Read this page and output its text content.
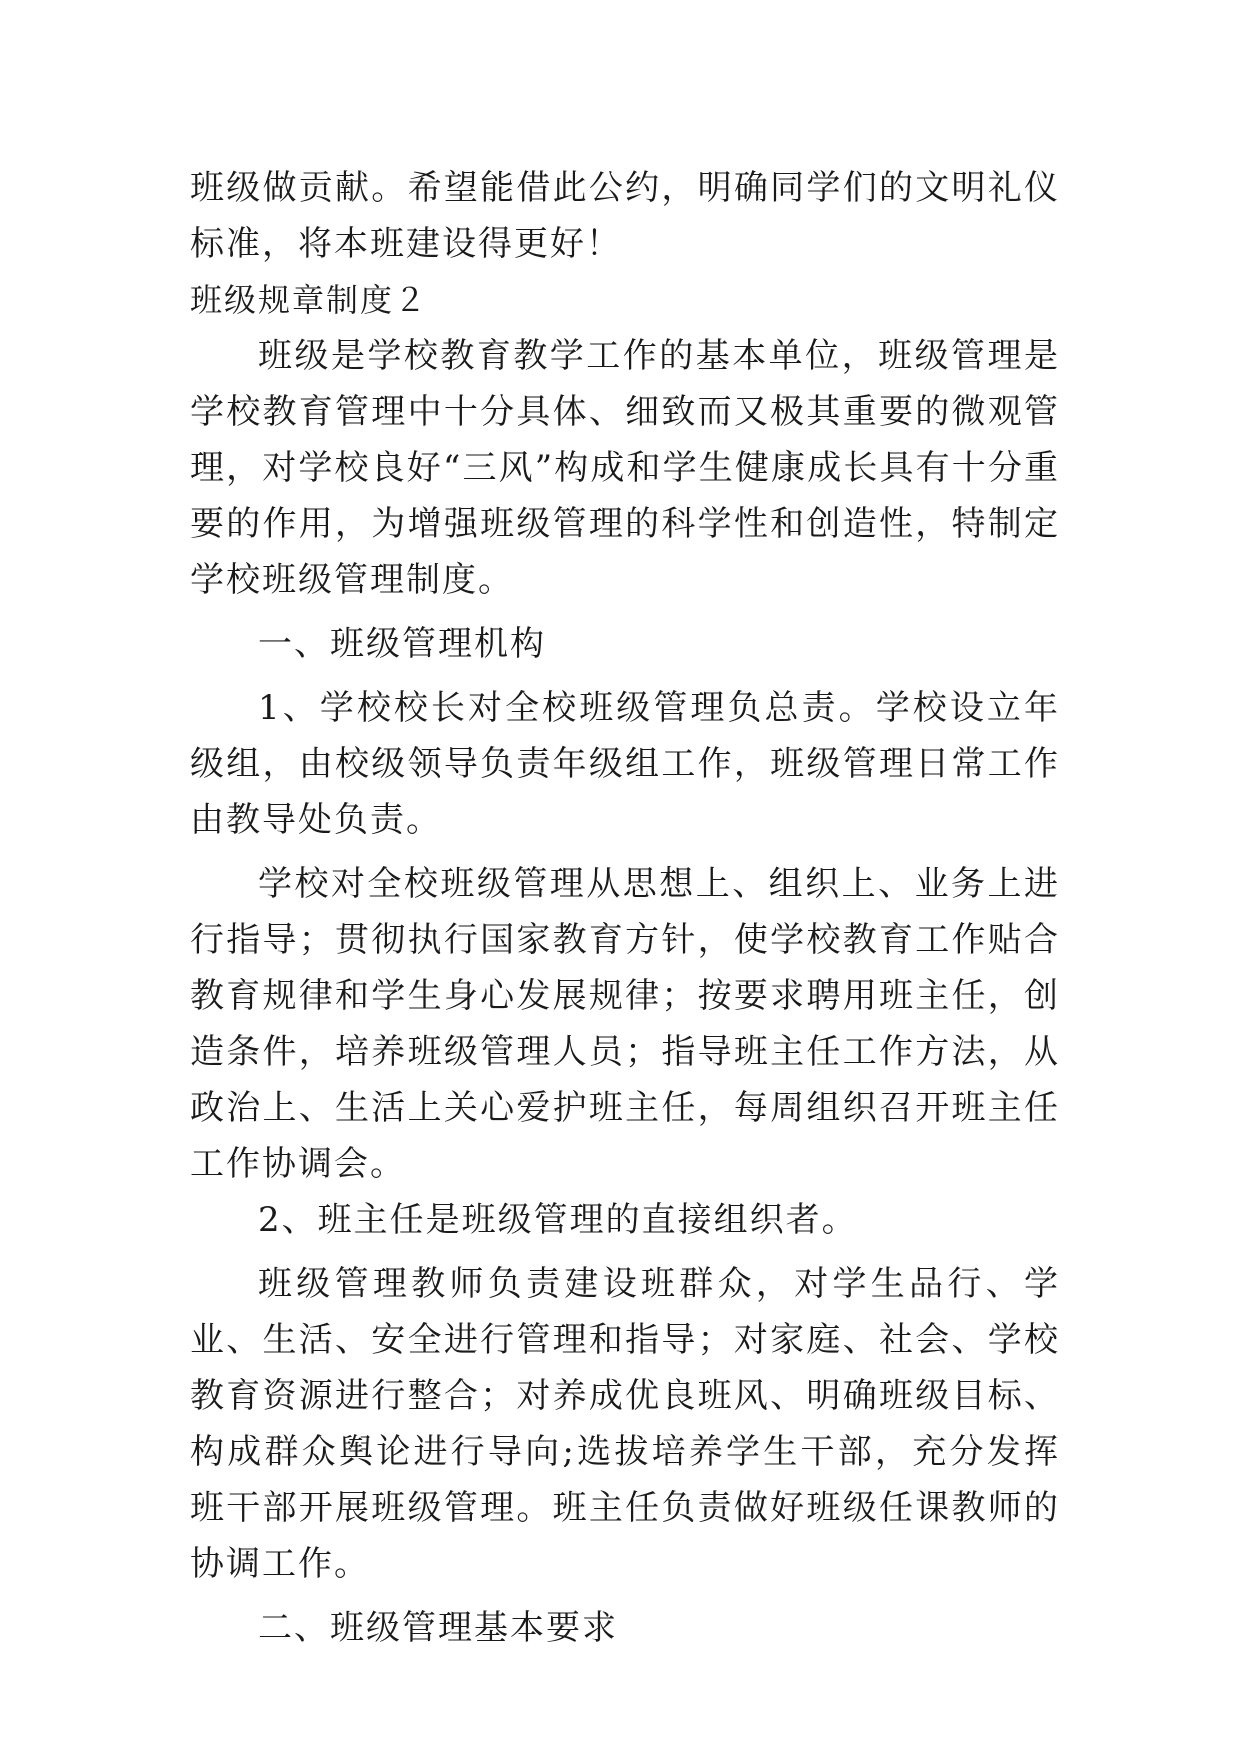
班级做贡献。希望能借此公约，明确同学们的文明礼仪标准，将本班建设得更好！

班级规章制度２

班级是学校教育教学工作的基本单位，班级管理是学校教育管理中十分具体、细致而又极其重要的微观管理，对学校良好“三风”构成和学生健康成长具有十分重要的作用，为增强班级管理的科学性和创造性，特制定学校班级管理制度。

一、班级管理机构

1、学校校长对全校班级管理负总责。学校设立年级组，由校级领导负责年级组工作，班级管理日常工作由教导处负责。

学校对全校班级管理从思想上、组织上、业务上进行指导；贯彻执行国家教育方针，使学校教育工作贴合教育规律和学生身心发展规律；按要求聘用班主任，创造条件，培养班级管理人员；指导班主任工作方法，从政治上、生活上关心爱护班主任，每周组织召开班主任工作协调会。

2、班主任是班级管理的直接组织者。

班级管理教师负责建设班群众，对学生品行、学业、生活、安全进行管理和指导；对家庭、社会、学校教育资源进行整合；对养成优良班风、明确班级目标、构成群众舆论进行导向;选拔培养学生干部，充分发挥班干部开展班级管理。班主任负责做好班级任课教师的协调工作。

二、班级管理基本要求
